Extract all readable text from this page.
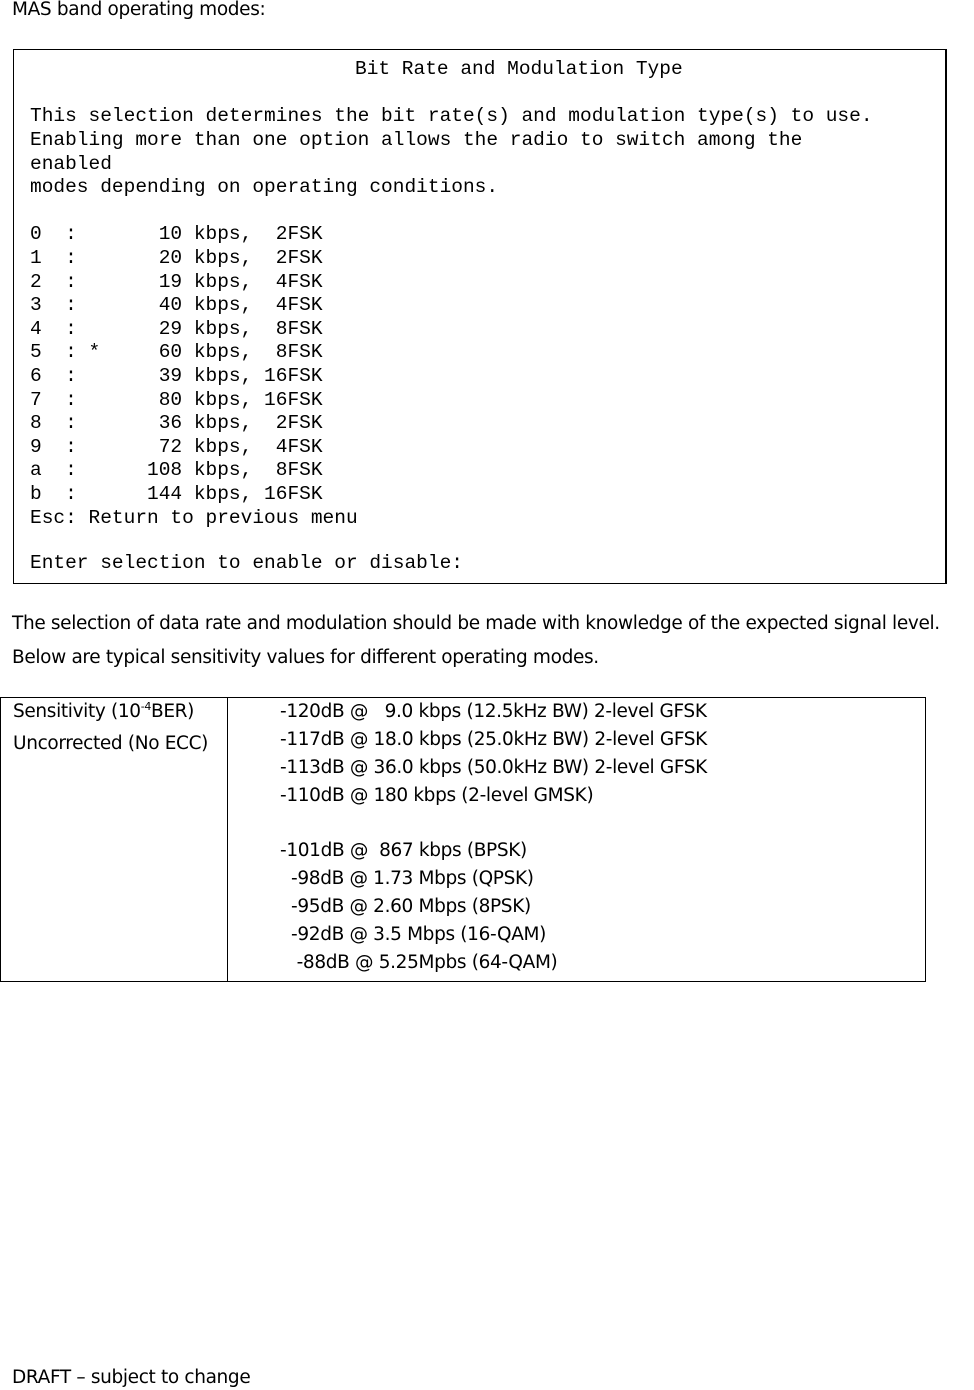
MAS band operating modes:

Bit Rate and Modulation Type
This selection determines the bit rate(s) and modulation type(s) to use.
Enabling more than one option allows the radio to switch among the
enabled
modes depending on operating conditions.
0  :       10 kbps,  2FSK
1  :       20 kbps,  2FSK
2  :       19 kbps,  4FSK
3  :       40 kbps,  4FSK
4  :       29 kbps,  8FSK
5  : *     60 kbps,  8FSK
6  :       39 kbps, 16FSK
7  :       80 kbps, 16FSK
8  :       36 kbps,  2FSK
9  :       72 kbps,  4FSK
a  :      108 kbps,  8FSK
b  :      144 kbps, 16FSK
Esc: Return to previous menu
Enter selection to enable or disable:

The selection of data rate and modulation should be made with knowledge of the expected signal level.

Below are typical sensitivity values for different operating modes.

Sensitivity $(10^{-4}BER)$
Uncorrected (No ECC)
-120dB @   9.0 kbps (12.5kHz BW) 2-level GFSK
-117dB @ 18.0 kbps (25.0kHz BW) 2-level GFSK
-113dB @ 36.0 kbps (50.0kHz BW) 2-level GFSK
-110dB @ 180 kbps (2-level GMSK)
-101dB @  867 kbps (BPSK)
-98dB @ 1.73 Mbps (QPSK)
-95dB @ 2.60 Mbps (8PSK)
-92dB @ 3.5 Mbps (16-QAM)
-88dB @ 5.25Mpbs (64-QAM)

DRAFT – subject to change
